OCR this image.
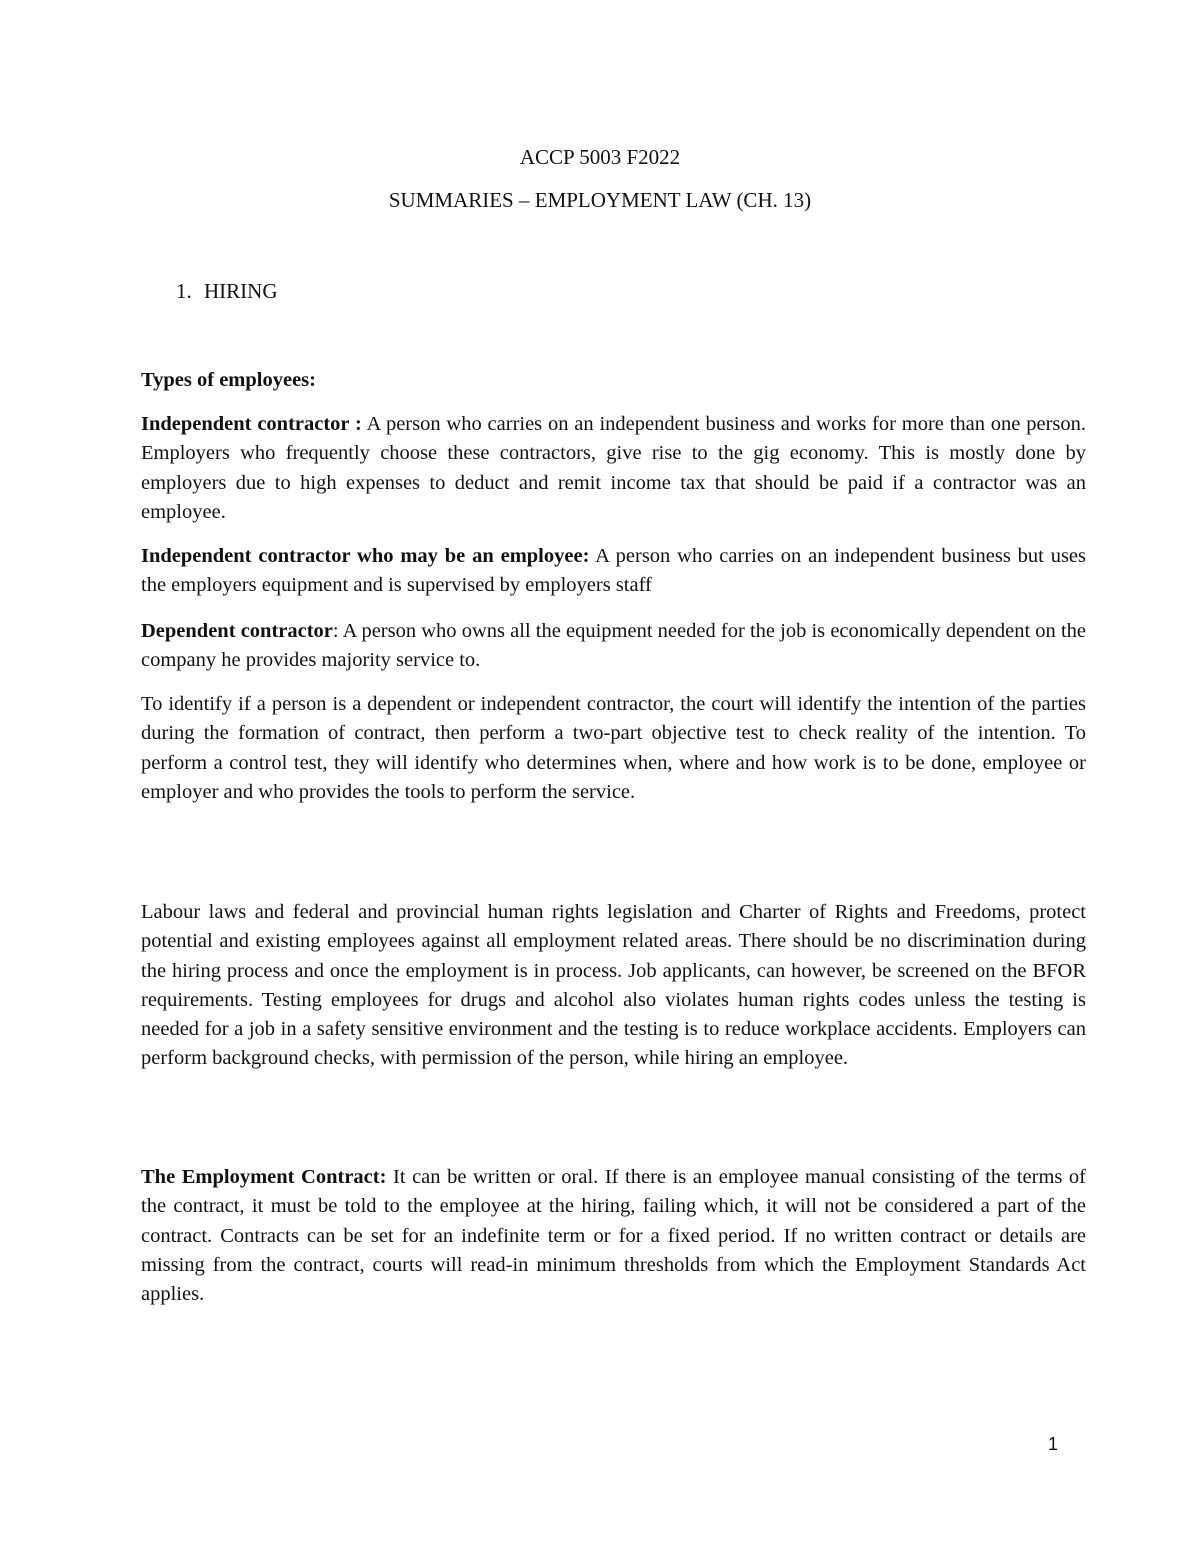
ACCP 5003 F2022
SUMMARIES – EMPLOYMENT LAW (CH. 13)
1. HIRING
Types of employees:
Independent contractor : A person who carries on an independent business and works for more than one person. Employers who frequently choose these contractors, give rise to the gig economy. This is mostly done by employers due to high expenses to deduct and remit income tax that should be paid if a contractor was an employee.
Independent contractor who may be an employee: A person who carries on an independent business but uses the employers equipment and is supervised by employers staff
Dependent contractor: A person who owns all the equipment needed for the job is economically dependent on the company he provides majority service to.
To identify if a person is a dependent or independent contractor, the court will identify the intention of the parties during the formation of contract, then perform a two-part objective test to check reality of the intention. To perform a control test, they will identify who determines when, where and how work is to be done, employee or employer and who provides the tools to perform the service.
Labour laws and federal and provincial human rights legislation and Charter of Rights and Freedoms, protect potential and existing employees against all employment related areas. There should be no discrimination during the hiring process and once the employment is in process. Job applicants, can however, be screened on the BFOR requirements. Testing employees for drugs and alcohol also violates human rights codes unless the testing is needed for a job in a safety sensitive environment and the testing is to reduce workplace accidents. Employers can perform background checks, with permission of the person, while hiring an employee.
The Employment Contract: It can be written or oral. If there is an employee manual consisting of the terms of the contract, it must be told to the employee at the hiring, failing which, it will not be considered a part of the contract. Contracts can be set for an indefinite term or for a fixed period. If no written contract or details are missing from the contract, courts will read-in minimum thresholds from which the Employment Standards Act applies.
1
